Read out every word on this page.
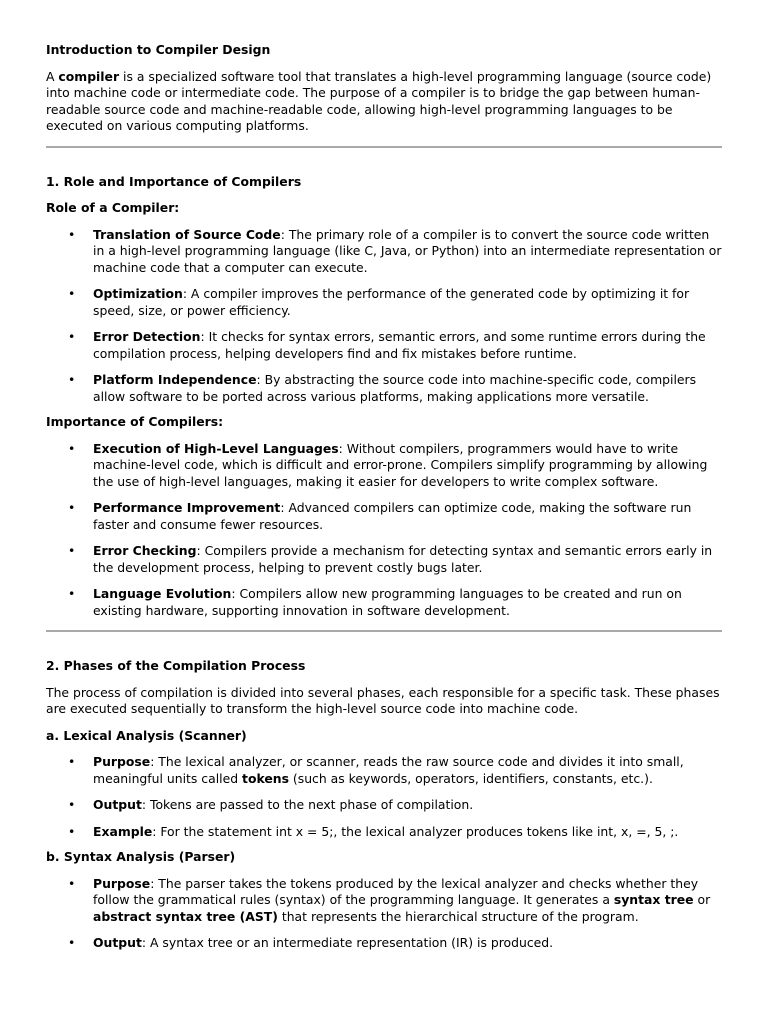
Introduction to Compiler Design

A compiler is a specialized software tool that translates a high-level programming language (source code) into machine code or intermediate code. The purpose of a compiler is to bridge the gap between human-readable source code and machine-readable code, allowing high-level programming languages to be executed on various computing platforms.

1. Role and Importance of Compilers

Role of a Compiler:

• Translation of Source Code: The primary role of a compiler is to convert the source code written in a high-level programming language (like C, Java, or Python) into an intermediate representation or machine code that a computer can execute.
• Optimization: A compiler improves the performance of the generated code by optimizing it for speed, size, or power efficiency.
• Error Detection: It checks for syntax errors, semantic errors, and some runtime errors during the compilation process, helping developers find and fix mistakes before runtime.
• Platform Independence: By abstracting the source code into machine-specific code, compilers allow software to be ported across various platforms, making applications more versatile.

Importance of Compilers:

• Execution of High-Level Languages: Without compilers, programmers would have to write machine-level code, which is difficult and error-prone. Compilers simplify programming by allowing the use of high-level languages, making it easier for developers to write complex software.
• Performance Improvement: Advanced compilers can optimize code, making the software run faster and consume fewer resources.
• Error Checking: Compilers provide a mechanism for detecting syntax and semantic errors early in the development process, helping to prevent costly bugs later.
• Language Evolution: Compilers allow new programming languages to be created and run on existing hardware, supporting innovation in software development.

2. Phases of the Compilation Process

The process of compilation is divided into several phases, each responsible for a specific task. These phases are executed sequentially to transform the high-level source code into machine code.

a. Lexical Analysis (Scanner)

• Purpose: The lexical analyzer, or scanner, reads the raw source code and divides it into small, meaningful units called tokens (such as keywords, operators, identifiers, constants, etc.).
• Output: Tokens are passed to the next phase of compilation.
• Example: For the statement int x = 5;, the lexical analyzer produces tokens like int, x, =, 5, ;.

b. Syntax Analysis (Parser)

• Purpose: The parser takes the tokens produced by the lexical analyzer and checks whether they follow the grammatical rules (syntax) of the programming language. It generates a syntax tree or abstract syntax tree (AST) that represents the hierarchical structure of the program.
• Output: A syntax tree or an intermediate representation (IR) is produced.
